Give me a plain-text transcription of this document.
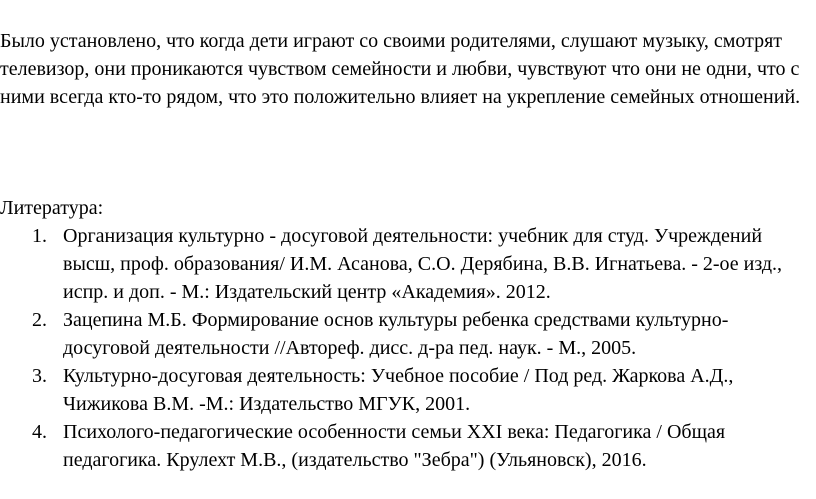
Было установлено, что когда дети играют со своими родителями, слушают музыку, смотрят телевизор, они проникаются чувством семейности и любви, чувствуют что они не одни, что с ними всегда кто-то рядом, что это положительно влияет на укрепление семейных отношений.

Литература:

1. Организация культурно - досуговой деятельности: учебник для студ. Учреждений высш, проф. образования/ И.М. Асанова, С.О. Дерябина, В.В. Игнатьева. - 2-ое изд., испр. и доп. - М.: Издательский центр «Академия». 2012.
2. Зацепина М.Б. Формирование основ культуры ребенка средствами культурно-досуговой деятельности //Автореф. дисс. д-ра пед. наук. - М., 2005.
3. Культурно-досуговая деятельность: Учебное пособие / Под ред. Жаркова А.Д., Чижикова В.М. -М.: Издательство МГУК, 2001.
4. Психолого-педагогические особенности семьи XXI века: Педагогика / Общая педагогика. Крулехт М.В., (издательство "Зебра") (Ульяновск), 2016.
